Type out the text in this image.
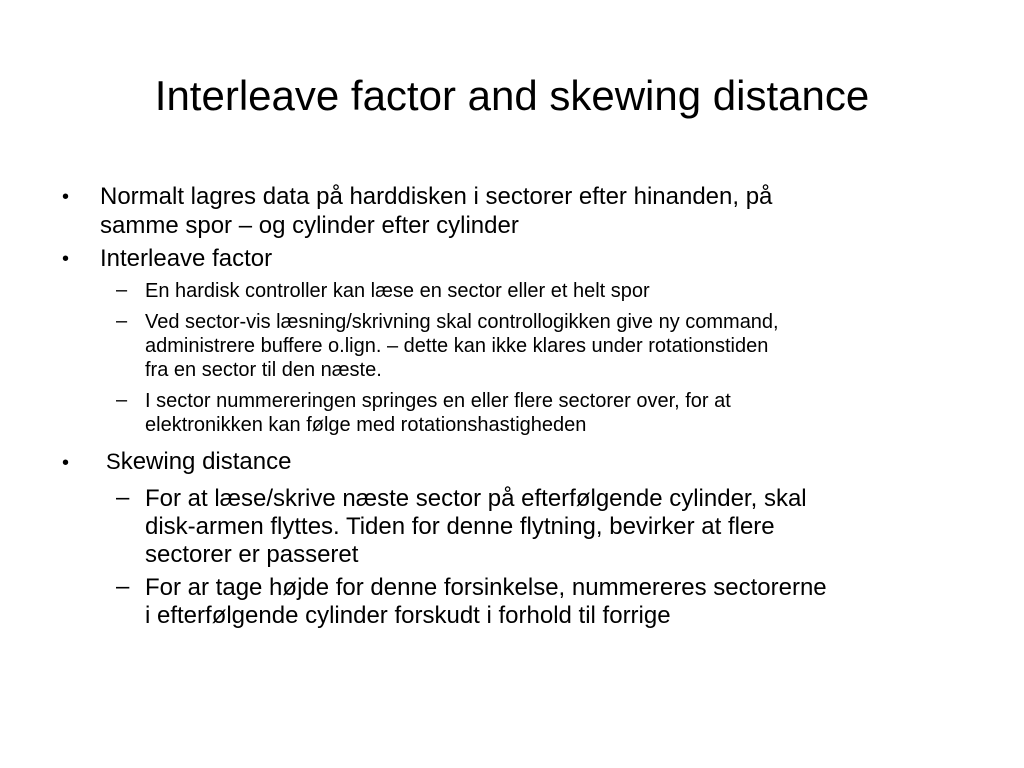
Interleave factor and skewing distance
• Normalt lagres data på harddisken i sectorer efter hinanden, på
samme spor – og cylinder efter cylinder
• Interleave factor
– En hardisk controller kan læse en sector eller et helt spor
– Ved sector-vis læsning/skrivning skal controllogikken give ny command,
administrere buffere o.lign. – dette kan ikke klares under rotationstiden
fra en sector til den næste.
– I sector nummereringen springes en eller flere sectorer over, for at
elektronikken kan følge med rotationshastigheden
• Skewing distance
– For at læse/skrive næste sector på efterfølgende cylinder, skal
disk-armen flyttes. Tiden for denne flytning, bevirker at flere
sectorer er passeret
– For ar tage højde for denne forsinkelse, nummereres sectorerne
i efterfølgende cylinder forskudt i forhold til forrige
